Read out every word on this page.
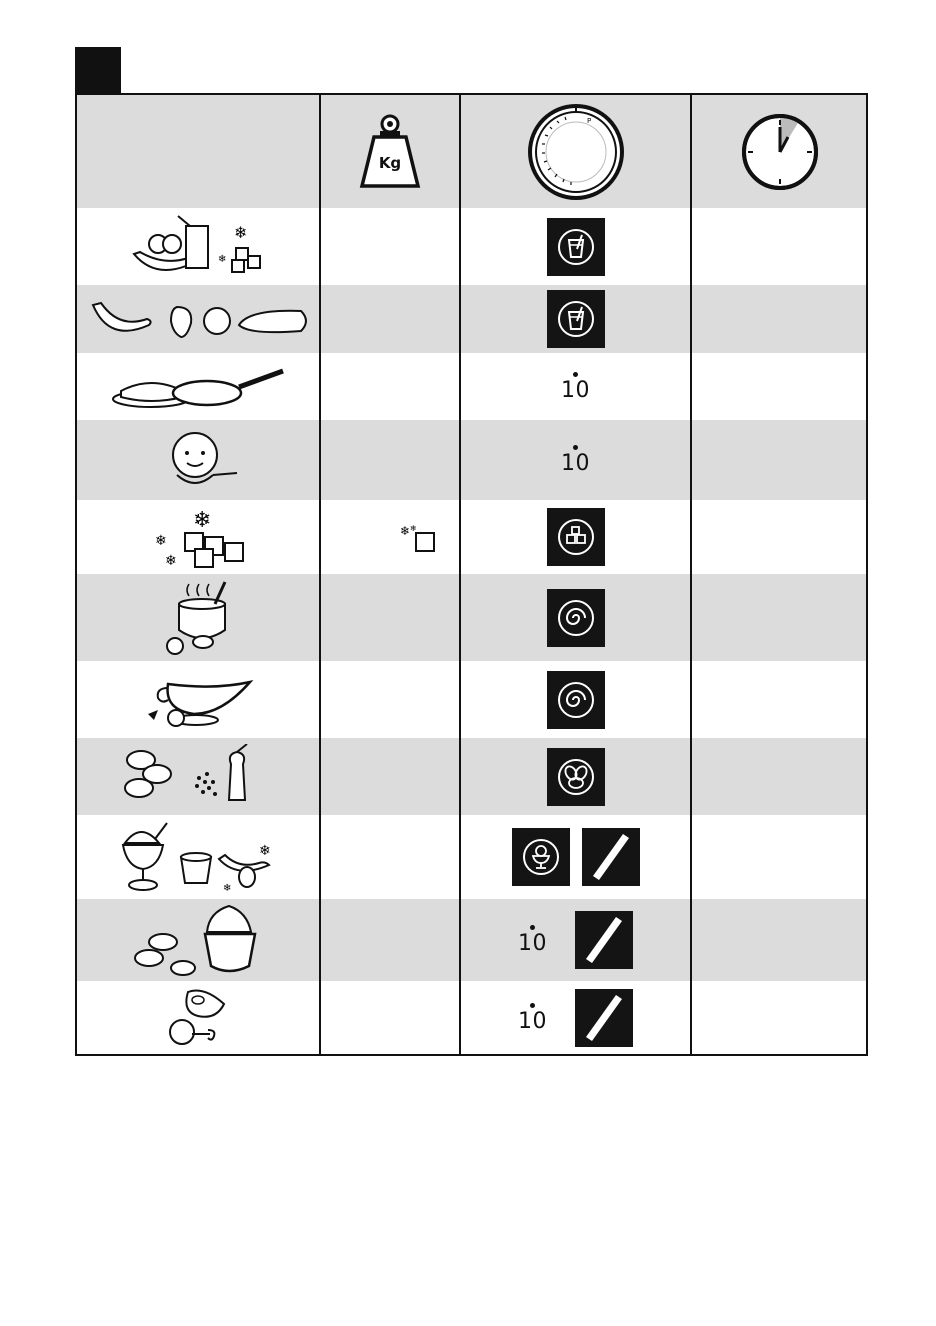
Kg
P
❄
❄
10
10
❄
❄
❄
❄ ❄
❄
❄
10
10
